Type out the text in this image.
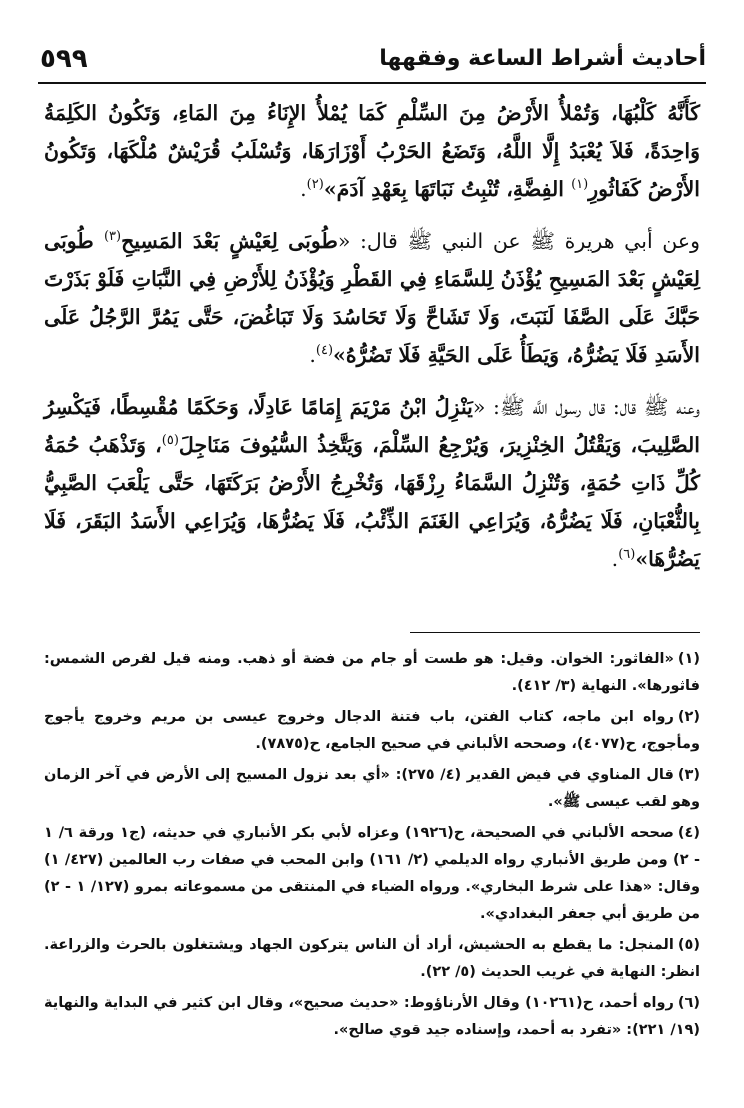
٥٩٩	أحاديث أشراط الساعة وفقهها

كَأَنَّهُ كَلْبُهَا، وَتُمْلأُ الأَرْضُ مِنَ السِّلْمِ كَمَا يُمْلأُ الإِنَاءُ مِنَ المَاءِ، وَتَكُونُ الكَلِمَةُ وَاحِدَةً، فَلاَ يُعْبَدُ إِلَّا اللَّهُ، وَتَضَعُ الحَرْبُ أَوْزَارَهَا، وَتُسْلَبُ قُرَيْشٌ مُلْكَهَا، وَتَكُونُ الأَرْضُ كَفَاثُورِ$^{(١)}$ الفِضَّةِ، تُنْبِتُ نَبَاتَهَا بِعَهْدِ آدَمَ»$^{(٢)}$.

وعن أبي هريرة ﷺ عن النبي ﷺ قال: «طُوبَى لِعَيْشٍ بَعْدَ المَسِيحِ$^{(٣)}$ طُوبَى لِعَيْشٍ بَعْدَ المَسِيحِ يُؤْذَنُ لِلسَّمَاءِ فِي القَطْرِ وَيُؤْذَنُ لِلأَرْضِ فِي النَّبَاتِ فَلَوْ بَذَرْتَ حَبَّكَ عَلَى الصَّفَا لَنَبَتَ، وَلَا تَشَاحَّ وَلَا تَحَاسُدَ وَلَا تَبَاغُضَ، حَتَّى يَمُرَّ الرَّجُلُ عَلَى الأَسَدِ فَلَا يَضُرُّهُ، وَيَطَأُ عَلَى الحَيَّةِ فَلَا تَضُرُّهُ»$^{(٤)}$.

وعنه ﷺ قال: قال رسول اللَّه ﷺ: «يَنْزِلُ ابْنُ مَرْيَمَ إِمَامًا عَادِلًا، وَحَكَمًا مُقْسِطًا، فَيَكْسِرُ الصَّلِيبَ، وَيَقْتُلُ الخِنْزِيرَ، وَيُرْجِعُ السِّلْمَ، وَيَتَّخِذُ السُّيُوفَ مَنَاجِلَ$^{(٥)}$، وَتَذْهَبُ حُمَةُ كُلِّ ذَاتِ حُمَةٍ، وَتُنْزِلُ السَّمَاءُ رِزْقَهَا، وَتُخْرِجُ الأَرْضُ بَرَكَتَهَا، حَتَّى يَلْعَبَ الصَّبِيُّ بِالثُّعْبَانِ، فَلَا يَضُرُّهُ، وَيُرَاعِي الغَنَمَ الذِّئْبُ، فَلَا يَضُرُّهَا، وَيُرَاعِي الأَسَدُ البَقَرَ، فَلَا يَضُرُّهَا»$^{(٦)}$.

(١)«الفاثور: الخوان. وقيل: هو طست أو جام من فضة أو ذهب. ومنه قيل لقرص الشمس: فاثورها». النهاية (٣/ ٤١٢).

(٢)رواه ابن ماجه، كتاب الفتن، باب فتنة الدجال وخروج عيسى بن مريم وخروج يأجوج ومأجوج، ح(٤٠٧٧)، وصححه الألباني في صحيح الجامع، ح(٧٨٧٥).

(٣)قال المناوي في فيض القدير (٤/ ٢٧٥): «أي بعد نزول المسيح إلى الأرض في آخر الزمان وهو لقب عيسى ﷺ».

(٤)صححه الألباني في الصحيحة، ح(١٩٢٦) وعزاه لأبي بكر الأنباري في حديثه، (ج١ ورقة ٦/ ١ - ٢) ومن طريق الأنباري رواه الديلمي (٢/ ١٦١) وابن المحب في صفات رب العالمين (٤٢٧/ ١) وقال: «هذا على شرط البخاري». ورواه الضياء في المنتقى من مسموعاته بمرو (١٢٧/ ١ - ٢) من طريق أبي جعفر البغدادي».

(٥)المنجل: ما يقطع به الحشيش، أراد أن الناس يتركون الجهاد ويشتغلون بالحرث والزراعة. انظر: النهاية في غريب الحديث (٥/ ٢٢).

(٦)رواه أحمد، ح(١٠٢٦١) وقال الأرناؤوط: «حديث صحيح»، وقال ابن كثير في البداية والنهاية (١٩/ ٢٢١): «تفرد به أحمد، وإسناده جيد قوي صالح».
